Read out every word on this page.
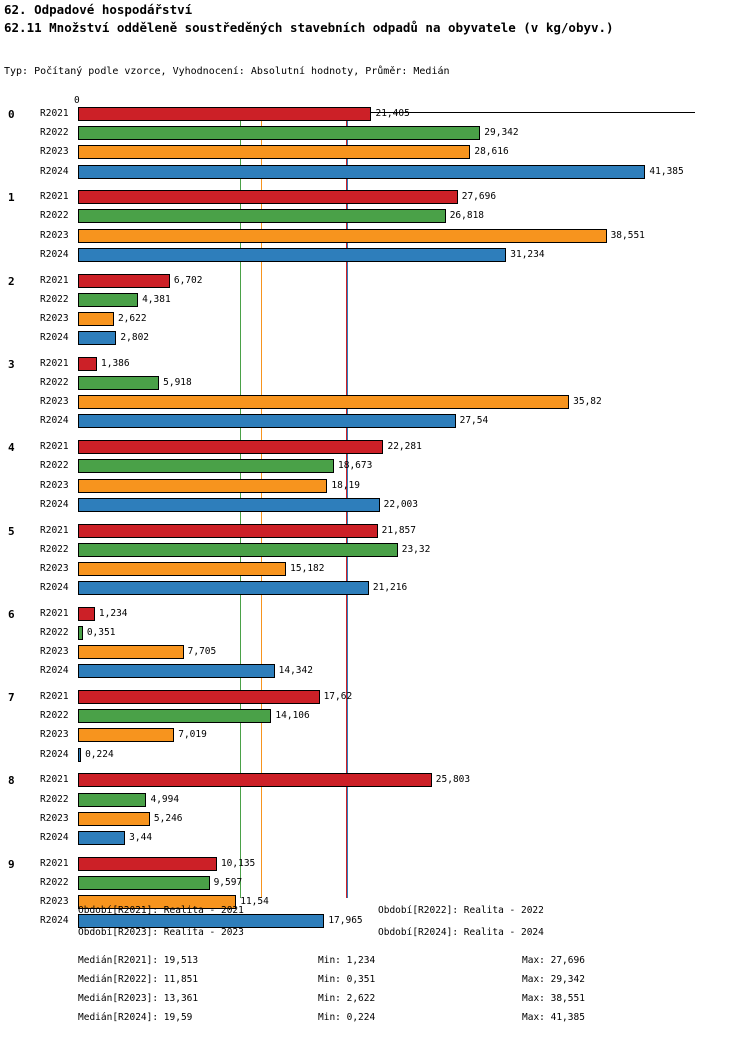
62. Odpadové hospodářství
62.11 Množství odděleně soustředěných stavebních odpadů na obyvatele (v kg/obyv.)
Typ: Počítaný podle vzorce, Vyhodnocení: Absolutní hodnoty, Průměr: Medián
0
0	R2021	21,405
R2022	29,342
R2023	28,616
R2024	41,385
1	R2021	27,696
R2022	26,818
R2023	38,551
R2024	31,234
2	R2021	6,702
R2022	4,381
R2023	2,622
R2024	2,802
3	R2021	1,386
R2022	5,918
R2023	35,82
R2024	27,54
4	R2021	22,281
R2022	18,673
R2023	18,19
R2024	22,003
5	R2021	21,857
R2022	23,32
R2023	15,182
R2024	21,216
6	R2021	1,234
R2022 0,351
R2023	7,705
R2024	14,342
7	R2021	17,62
R2022	14,106
R2023	7,019
R2024 0,224
8	R2021	25,803
R2022	4,994
R2023	5,246
R2024	3,44
9	R2021	10,135
R2022	9,597
R2023	11,54
R2024	17,965
Období[R2021]: Realita - 2021	Období[R2022]: Realita - 2022
Období[R2023]: Realita - 2023	Období[R2024]: Realita - 2024
Medián[R2021]: 19,513	Min: 1,234	Max: 27,696
Medián[R2022]: 11,851	Min: 0,351	Max: 29,342
Medián[R2023]: 13,361	Min: 2,622	Max: 38,551
Medián[R2024]: 19,59	Min: 0,224	Max: 41,385
